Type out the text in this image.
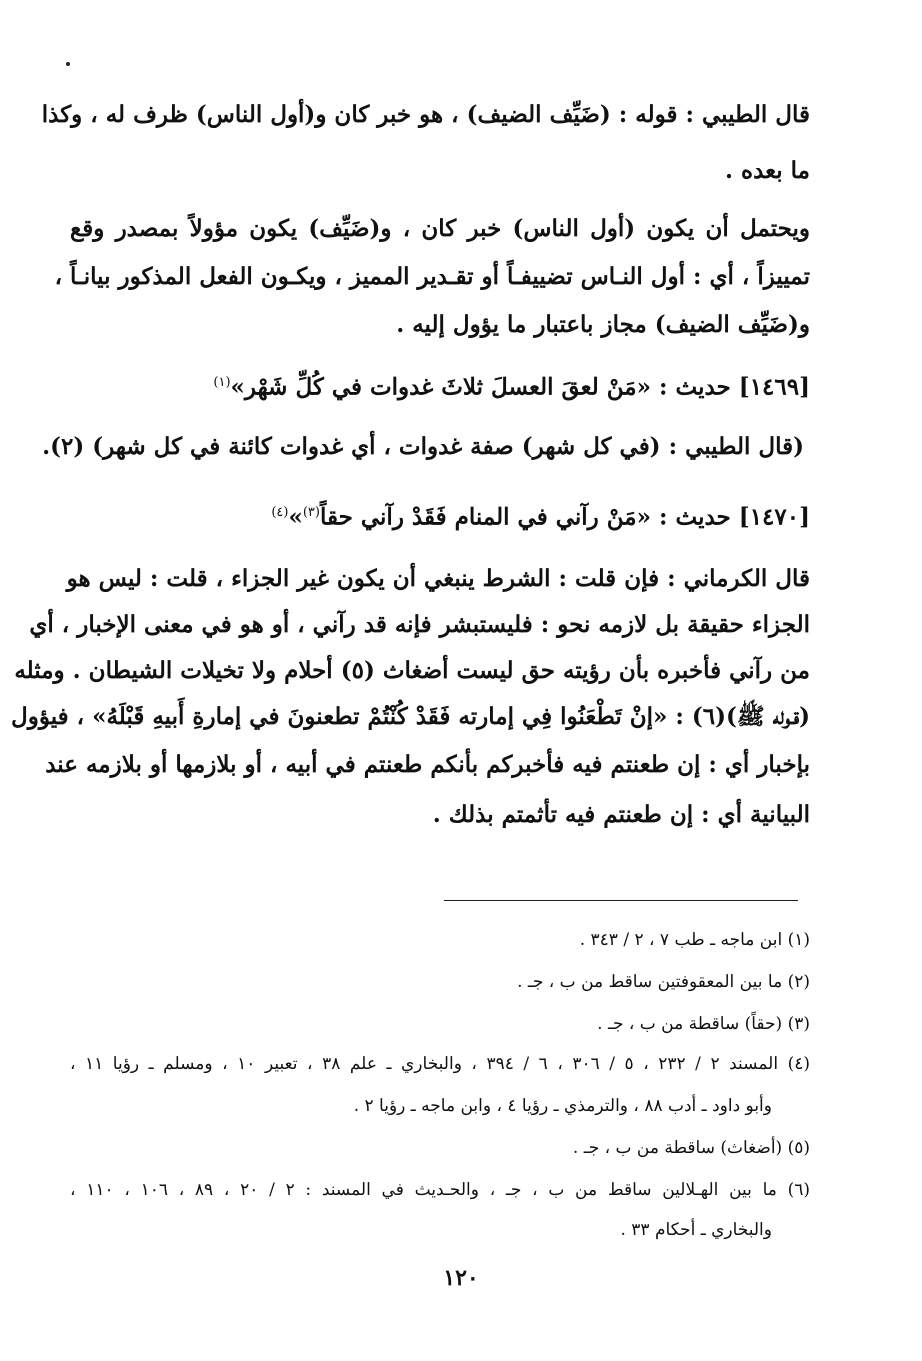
قال الطيبي : قوله : (ضَيِّف الضيف) ، هو خبر كان و(أول الناس) ظرف له ، وكذا
ما بعده .
ويحتمل أن يكون (أول الناس) خبر كان ، و(ضَيِّف) يكون مؤولاً بمصدر وقع
تمييزاً ، أي : أول النـاس تضييفـاً أو تقـدير المميز ، ويكـون الفعل المذكور بيانـاً ،
و(ضَيِّف الضيف) مجاز باعتبار ما يؤول إليه .
[١٤٦٩] حديث : «مَنْ لعقَ العسلَ ثلاثَ غدوات في كُلِّ شَهْر»$^{(١)}$
(قال الطيبي : (في كل شهر) صفة غدوات ، أي غدوات كائنة في كل شهر) (٢).
[١٤٧٠] حديث : «مَنْ رآني في المنام فَقَدْ رآني حقاً$^{(٣)}$»$^{(٤)}$
قال الكرماني : فإن قلت : الشرط ينبغي أن يكون غير الجزاء ، قلت : ليس هو
الجزاء حقيقة بل لازمه نحو : فليستبشر فإنه قد رآني ، أو هو في معنى الإخبار ، أي
من رآني فأخبره بأن رؤيته حق ليست أضغاث (٥) أحلام ولا تخيلات الشيطان . ومثله
(قـوله ﷺ)(٦) : «إنْ تَطْعَنُوا فِي إمارته فَقَدْ كُنْتُمْ تطعنونَ في إمارةِ أَبيهِ قَبْلَهُ» ، فيؤول
بإخبار أي : إن طعنتم فيه فأخبركم بأنكم طعنتم في أبيه ، أو بلازمها أو بلازمه عند
البيانية أي : إن طعنتم فيه تأثمتم بذلك .
(١) ابن ماجه ـ طب ٧ ، ٢ / ٣٤٣ .
(٢) ما بين المعقوفتين ساقط من ب ، جـ .
(٣) (حقاً) ساقطة من ب ، جـ .
(٤) المسند ٢ / ٢٣٢ ، ٥ / ٣٠٦ ، ٦ / ٣٩٤ ، والبخاري ـ علم ٣٨ ، تعبير ١٠ ، ومسلم ـ رؤيا ١١ ،
وأبو داود ـ أدب ٨٨ ، والترمذي ـ رؤيا ٤ ، وابن ماجه ـ رؤيا ٢ .
(٥) (أضغاث) ساقطة من ب ، جـ .
(٦) ما بين الهـلالين ساقط من ب ، جـ ، والحـديث في المسند : ٢ / ٢٠ ، ٨٩ ، ١٠٦ ، ١١٠ ،
والبخاري ـ أحكام ٣٣ .
١٢٠
